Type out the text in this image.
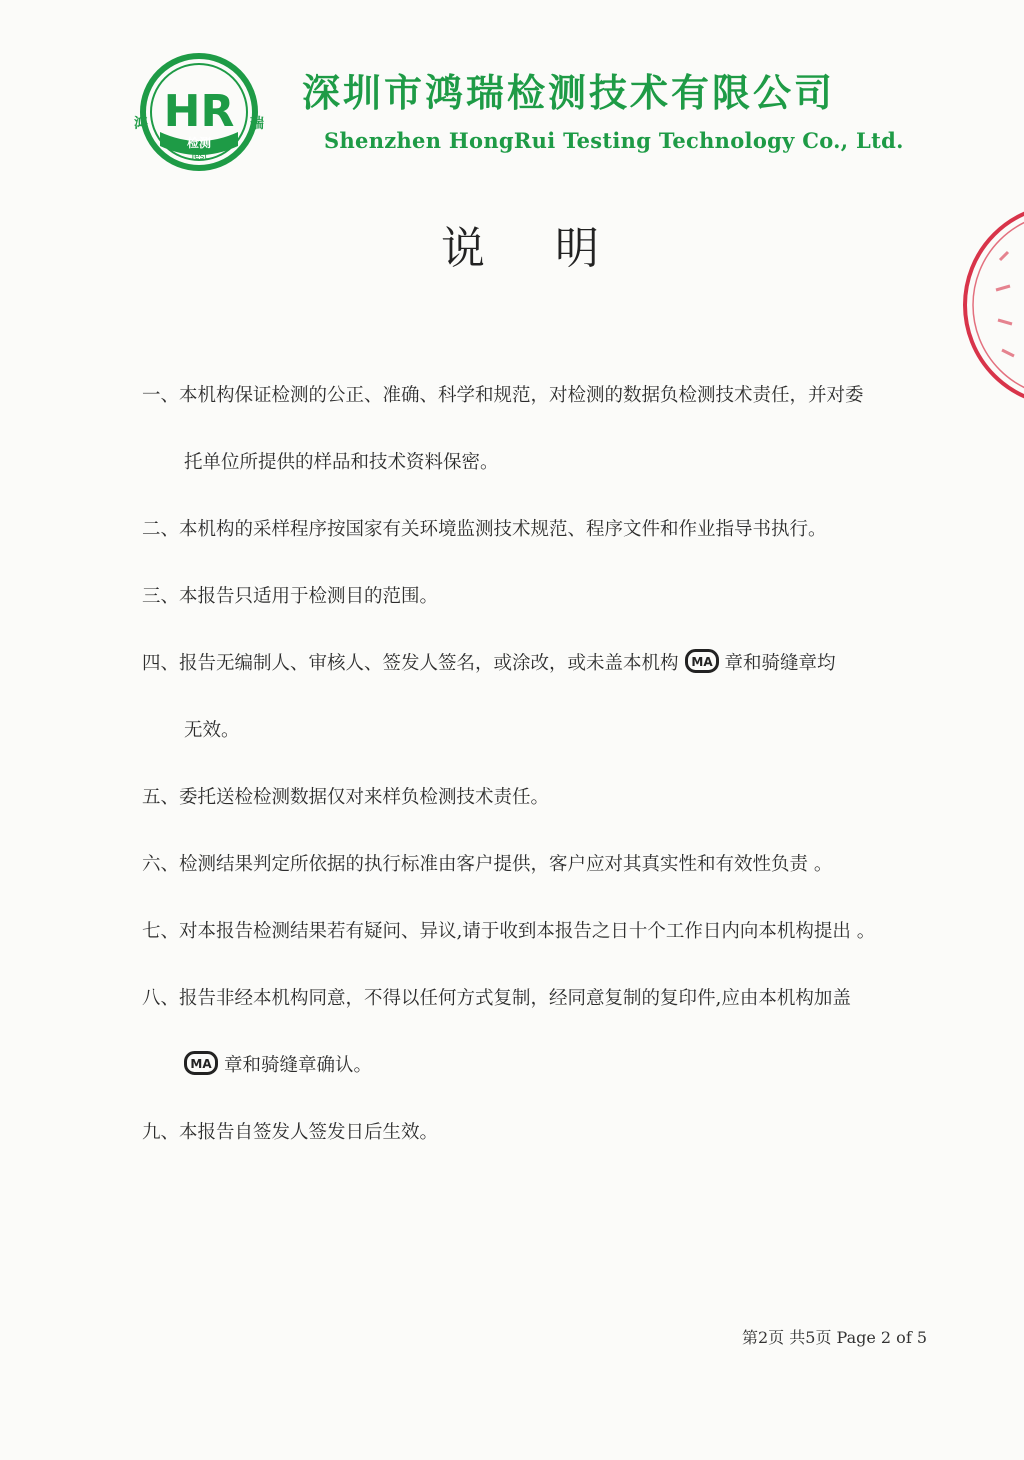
HR
检测
Test
鸿	瑞
深圳市鸿瑞检测技术有限公司
Shenzhen HongRui Testing Technology Co., Ltd.
说明
一、本机构保证检测的公正、准确、科学和规范，对检测的数据负检测技术责任，并对委
托单位所提供的样品和技术资料保密。
二、本机构的采样程序按国家有关环境监测技术规范、程序文件和作业指导书执行。
三、本报告只适用于检测目的范围。
四、报告无编制人、审核人、签发人签名，或涂改，或未盖本机构 MA 章和骑缝章均
无效。
五、委托送检检测数据仅对来样负检测技术责任。
六、检测结果判定所依据的执行标准由客户提供，客户应对其真实性和有效性负责 。
七、对本报告检测结果若有疑问、异议,请于收到本报告之日十个工作日内向本机构提出 。
八、报告非经本机构同意，不得以任何方式复制，经同意复制的复印件,应由本机构加盖
MA 章和骑缝章确认。
九、本报告自签发人签发日后生效。
第2页 共5页 Page 2 of 5
